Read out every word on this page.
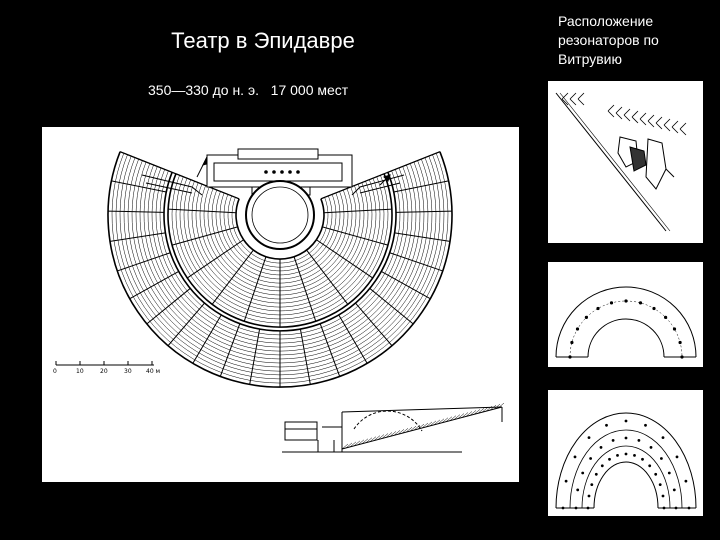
Театр в Эпидавре
350—330 до н. э.   17 000 мест
Расположение
резонаторов по
Витрувию
0	10	20	30 40 м
